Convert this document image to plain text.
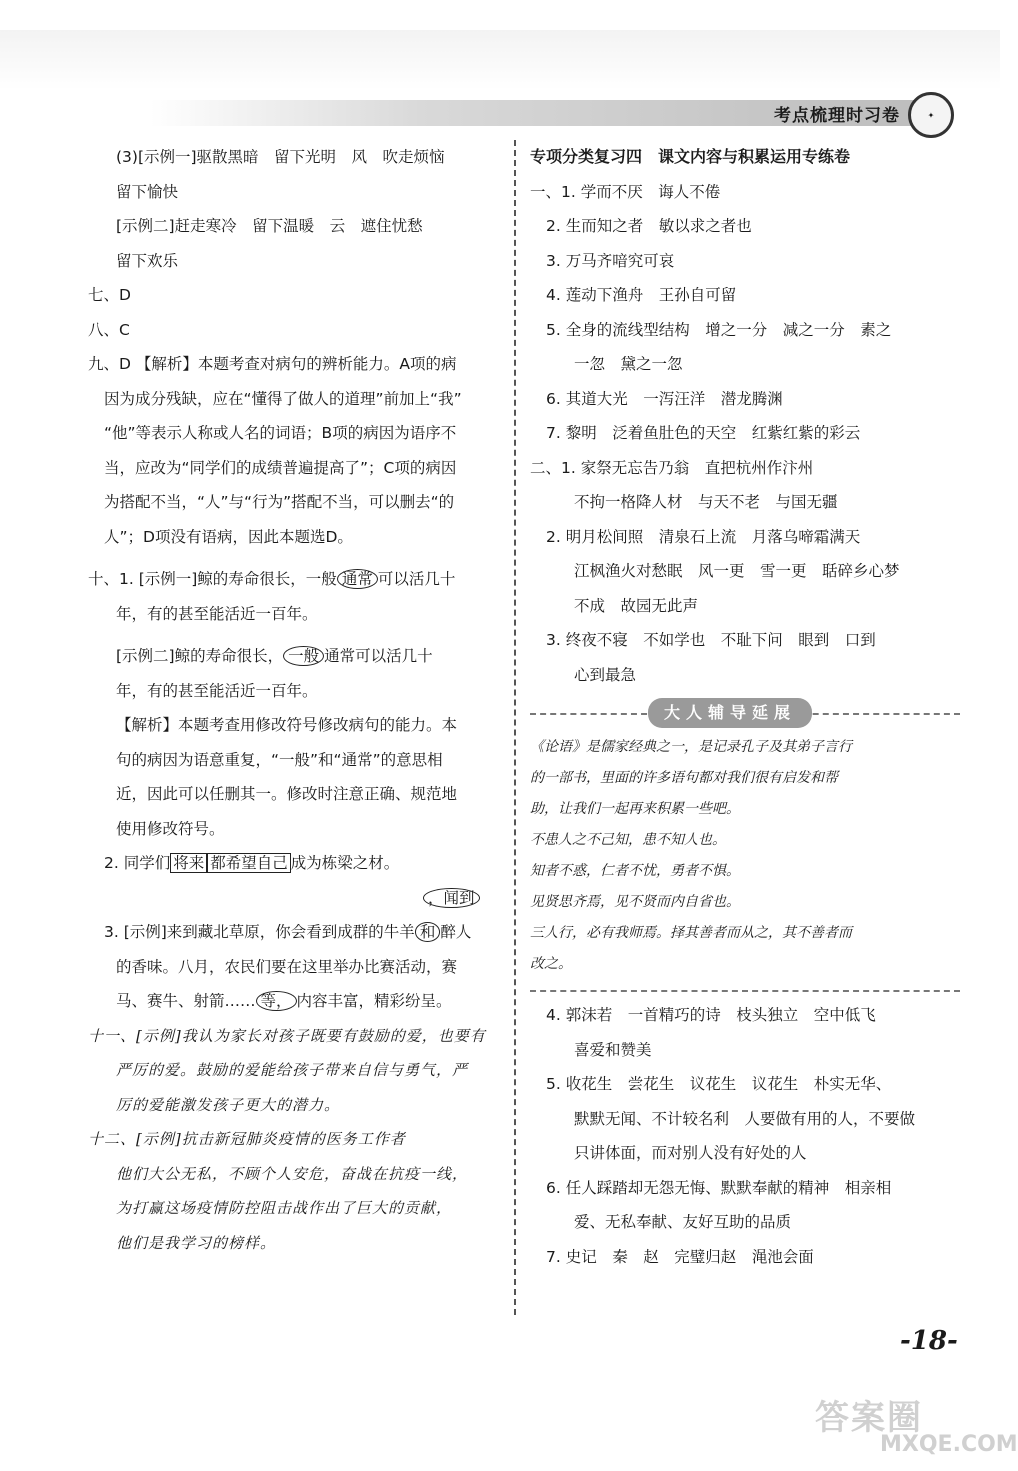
考点梳理时习卷	✦
(3)[示例一]驱散黑暗　留下光明　风　吹走烦恼
留下愉快
[示例二]赶走寒冷　留下温暖　云　遮住忧愁
留下欢乐
七、D
八、C
九、D 【解析】本题考查对病句的辨析能力。A项的病
因为成分残缺，应在“懂得了做人的道理”前加上“我”
“他”等表示人称或人名的词语；B项的病因为语序不
当，应改为“同学们的成绩普遍提高了”；C项的病因
为搭配不当，“人”与“行为”搭配不当，可以删去“的
人”；D项没有语病，因此本题选D。
十、1. [示例一]鲸的寿命很长，一般 通常 可以活几十
年，有的甚至能活近一百年。
[示例二]鲸的寿命很长， 一般 通常可以活几十
年，有的甚至能活近一百年。
【解析】本题考查用修改符号修改病句的能力。本
句的病因为语意重复，“一般”和“通常”的意思相
近，因此可以任删其一。修改时注意正确、规范地
使用修改符号。
2. 同学们 将来 都希望自己 成为栋梁之材。
，闻到
3. [示例]来到藏北草原，你会看到成群的牛羊 和 醉人
的香味。八月，农民们要在这里举办比赛活动，赛
马、赛牛、射箭…… 等， 内容丰富，精彩纷呈。
十一、[示例]我认为家长对孩子既要有鼓励的爱，也要有
严厉的爱。鼓励的爱能给孩子带来自信与勇气，严
厉的爱能激发孩子更大的潜力。
十二、[示例]抗击新冠肺炎疫情的医务工作者
他们大公无私，不顾个人安危，奋战在抗疫一线，
为打赢这场疫情防控阻击战作出了巨大的贡献，
他们是我学习的榜样。
专项分类复习四　课文内容与积累运用专练卷
一、1. 学而不厌　诲人不倦
2. 生而知之者　敏以求之者也
3. 万马齐喑究可哀
4. 莲动下渔舟　王孙自可留
5. 全身的流线型结构　增之一分　减之一分　素之
一忽　黛之一忽
6. 其道大光　一泻汪洋　潜龙腾渊
7. 黎明　泛着鱼肚色的天空　红紫红紫的彩云
二、1. 家祭无忘告乃翁　直把杭州作汴州
不拘一格降人材　与天不老　与国无疆
2. 明月松间照　清泉石上流　月落乌啼霜满天
江枫渔火对愁眠　风一更　雪一更　聒碎乡心梦
不成　故园无此声
3. 终夜不寝　不如学也　不耻下问　眼到　口到
心到最急
大人辅导延展
《论语》是儒家经典之一，是记录孔子及其弟子言行
的一部书，里面的许多语句都对我们很有启发和帮
助，让我们一起再来积累一些吧。
不患人之不己知，患不知人也。
知者不惑，仁者不忧，勇者不惧。
见贤思齐焉，见不贤而内自省也。
三人行，必有我师焉。择其善者而从之，其不善者而
改之。
4. 郭沫若　一首精巧的诗　枝头独立　空中低飞
喜爱和赞美
5. 收花生　尝花生　议花生　议花生　朴实无华、
默默无闻、不计较名利　人要做有用的人，不要做
只讲体面，而对别人没有好处的人
6. 任人踩踏却无怨无悔、默默奉献的精神　相亲相
爱、无私奉献、友好互助的品质
7. 史记　秦　赵　完璧归赵　渑池会面
-18-
答案圈
MXQE.COM
